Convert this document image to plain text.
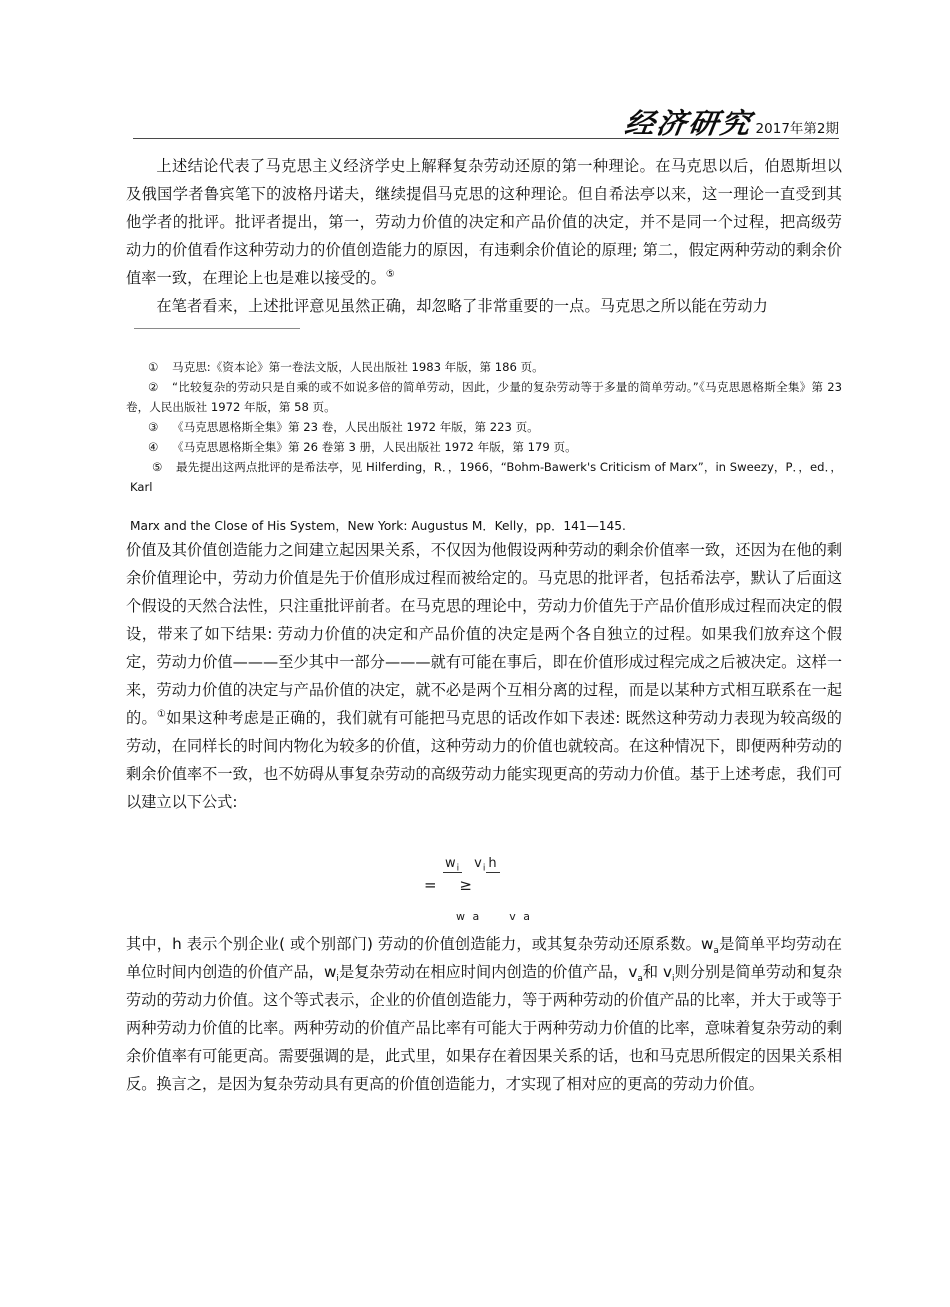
经济研究 2017年第2期
上述结论代表了马克思主义经济学史上解释复杂劳动还原的第一种理论。在马克思以后，伯恩斯坦以及俄国学者鲁宾笔下的波格丹诺夫，继续提倡马克思的这种理论。但自希法亭以来，这一理论一直受到其他学者的批评。批评者提出，第一，劳动力价值的决定和产品价值的决定，并不是同一个过程，把高级劳动力的价值看作这种劳动力的价值创造能力的原因，有违剩余价值论的原理; 第二，假定两种劳动的剩余价值率一致，在理论上也是难以接受的。⑤
在笔者看来，上述批评意见虽然正确，却忽略了非常重要的一点。马克思之所以能在劳动力
① 马克思:《资本论》第一卷法文版，人民出版社 1983 年版，第 186 页。
② “比较复杂的劳动只是自乘的或不如说多倍的简单劳动，因此，少量的复杂劳动等于多量的简单劳动。”《马克思恩格斯全集》第 23 卷，人民出版社 1972 年版，第 58 页。
③ 《马克思恩格斯全集》第 23 卷，人民出版社 1972 年版，第 223 页。
④ 《马克思恩格斯全集》第 26 卷第 3 册，人民出版社 1972 年版，第 179 页。
⑤ 最先提出这两点批评的是希法亭，见 Hilferding，R．，1966，“Bohm-Bawerk's Criticism of Marx”，in Sweezy，P．，ed．，Karl
Marx and the Close of His System，New York: Augustus M．Kelly，pp．141—145.
价值及其价值创造能力之间建立起因果关系，不仅因为他假设两种劳动的剩余价值率一致，还因为在他的剩余价值理论中，劳动力价值是先于价值形成过程而被给定的。马克思的批评者，包括希法亭，默认了后面这个假设的天然合法性，只注重批评前者。在马克思的理论中，劳动力价值先于产品价值形成过程而决定的假设，带来了如下结果: 劳动力价值的决定和产品价值的决定是两个各自独立的过程。如果我们放弃这个假定，劳动力价值———至少其中一部分———就有可能在事后，即在价值形成过程完成之后被决定。这样一来，劳动力价值的决定与产品价值的决定，就不必是两个互相分离的过程，而是以某种方式相互联系在一起的。①如果这种考虑是正确的，我们就有可能把马克思的话改作如下表述: 既然这种劳动力表现为较高级的劳动，在同样长的时间内物化为较多的价值，这种劳动力的价值也就较高。在这种情况下，即便两种劳动的剩余价值率不一致，也不妨碍从事复杂劳动的高级劳动力能实现更高的劳动力价值。基于上述考虑，我们可以建立以下公式:
$w_i$ $v_i$ h
= ≥
w a	v a
其中，h 表示个别企业( 或个别部门) 劳动的价值创造能力，或其复杂劳动还原系数。$w_a$是简单平均劳动在单位时间内创造的价值产品，$w_i$是复杂劳动在相应时间内创造的价值产品，$v_a$和 $v_i$则分别是简单劳动和复杂劳动的劳动力价值。这个等式表示，企业的价值创造能力，等于两种劳动的价值产品的比率，并大于或等于两种劳动力价值的比率。两种劳动的价值产品比率有可能大于两种劳动力价值的比率，意味着复杂劳动的剩余价值率有可能更高。需要强调的是，此式里，如果存在着因果关系的话，也和马克思所假定的因果关系相反。换言之，是因为复杂劳动具有更高的价值创造能力，才实现了相对应的更高的劳动力价值。
